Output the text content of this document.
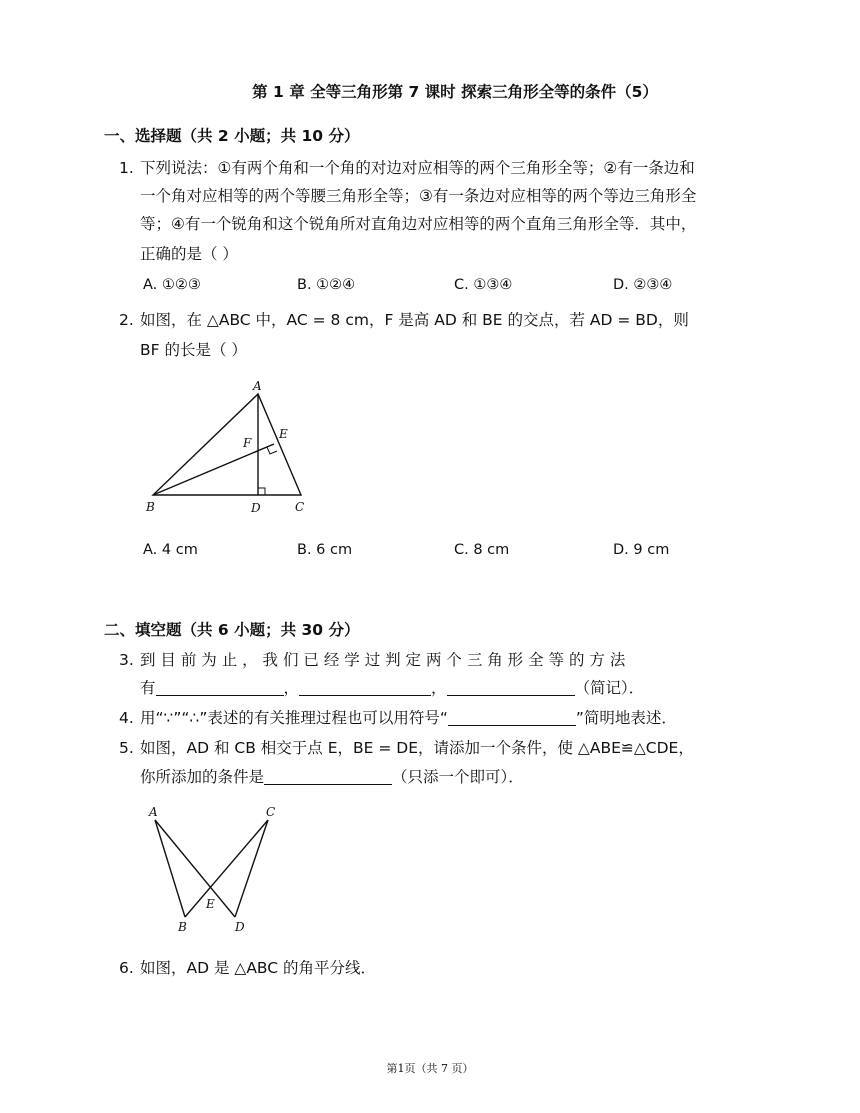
第 1 章 全等三角形第 7 课时 探索三角形全等的条件（5）
一、选择题（共 2 小题；共 10 分）
1. 下列说法：①有两个角和一个角的对边对应相等的两个三角形全等；②有一条边和
一个角对应相等的两个等腰三角形全等；③有一条边对应相等的两个等边三角形全
等；④有一个锐角和这个锐角所对直角边对应相等的两个直角三角形全等．其中，
正确的是（ ）
A. ①②③	B. ①②④	C. ①③④	D. ②③④
2. 如图，在 △ABC 中，AC = 8 cm，F 是高 AD 和 BE 的交点，若 AD = BD，则
BF 的长是（ ）
A
B	C
D
E
F
A. 4 cm	B. 6 cm	C. 8 cm	D. 9 cm
二、填空题（共 6 小题；共 30 分）
3. 到 目 前 为 止 ， 我 们 已 经 学 过 判 定 两 个 三 角 形 全 等 的 方 法
有	，	，	（简记）．
4. 用“∵”“∴”表述的有关推理过程也可以用符号“	”简明地表述．
5. 如图，AD 和 CB 相交于点 E，BE = DE，请添加一个条件，使 △ABE≌△CDE，
你所添加的条件是	（只添一个即可）．
A	C
B	D
E
6. 如图，AD 是 △ABC 的角平分线．
第1页（共 7 页）
